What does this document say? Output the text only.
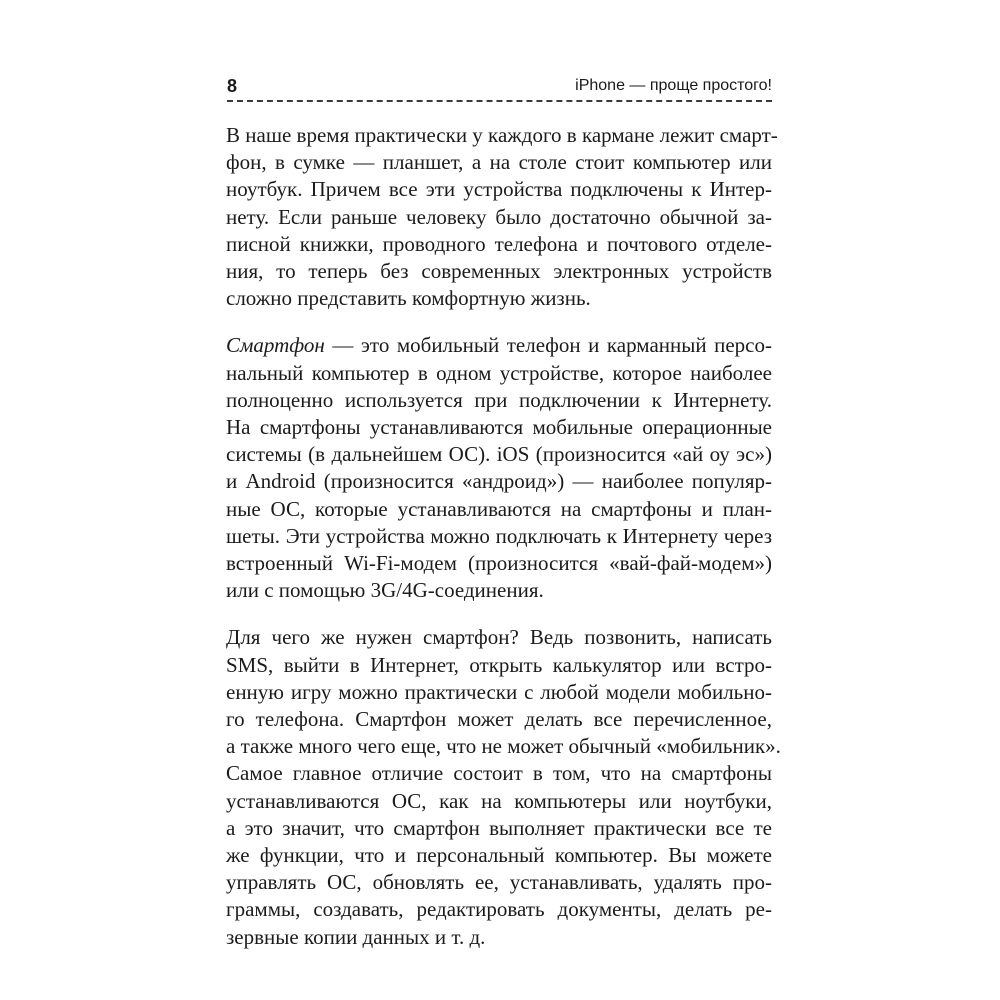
8	iPhone — проще простого!

В наше время практически у каждого в кармане лежит смарт-
фон, в сумке — планшет, а на столе стоит компьютер или
ноутбук. Причем все эти устройства подключены к Интер-
нету. Если раньше человеку было достаточно обычной за-
писной книжки, проводного телефона и почтового отделе-
ния, то теперь без современных электронных устройств
сложно представить комфортную жизнь.

Смартфон — это мобильный телефон и карманный персо-
нальный компьютер в одном устройстве, которое наиболее
полноценно используется при подключении к Интернету.
На смартфоны устанавливаются мобильные операционные
системы (в дальнейшем ОС). iOS (произносится «ай оу эс»)
и Android (произносится «андроид») — наиболее популяр-
ные ОС, которые устанавливаются на смартфоны и план-
шеты. Эти устройства можно подключать к Интернету через
встроенный Wi-Fi-модем (произносится «вай-фай-модем»)
или с помощью 3G/4G-соединения.

Для чего же нужен смартфон? Ведь позвонить, написать
SMS, выйти в Интернет, открыть калькулятор или встро-
енную игру можно практически с любой модели мобильно-
го телефона. Смартфон может делать все перечисленное,
а также много чего еще, что не может обычный «мобильник».
Самое главное отличие состоит в том, что на смартфоны
устанавливаются ОС, как на компьютеры или ноутбуки,
а это значит, что смартфон выполняет практически все те
же функции, что и персональный компьютер. Вы можете
управлять ОС, обновлять ее, устанавливать, удалять про-
граммы, создавать, редактировать документы, делать ре-
зервные копии данных и т. д.
